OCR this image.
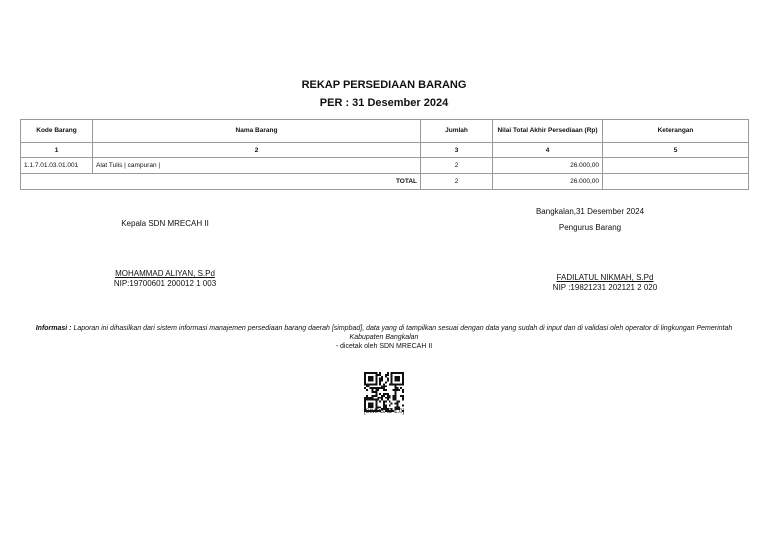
REKAP PERSEDIAAN BARANG
PER : 31 Desember 2024
Kode Barang	Nama Barang	Jumlah	Nilai Total Akhir Persediaan (Rp)	Keterangan
1	2	3	4	5
1.1.7.01.03.01.001	Alat Tulis | campuran |	2	26.000,00	
TOTAL		2	26.000,00	
Kepala SDN MRECAH II
MOHAMMAD ALIYAN, S.Pd
NIP:19700601 200012 1 003
Bangkalan,31 Desember 2024
Pengurus Barang
FADILATUL NIKMAH, S.Pd
NIP :19821231 202121 2 020
Informasi : Laporan ini dihasilkan dari sistem informasi manajemen persediaan barang daerah [simpbad], data yang di tampilkan sesuai dengan data yang sudah di input dan di validasi oleh operator di lingkungan Pemerintah Kabupaten Bangkalan
- dicetak oleh SDN MRECAH II
[SIMPBAD 1.0]
